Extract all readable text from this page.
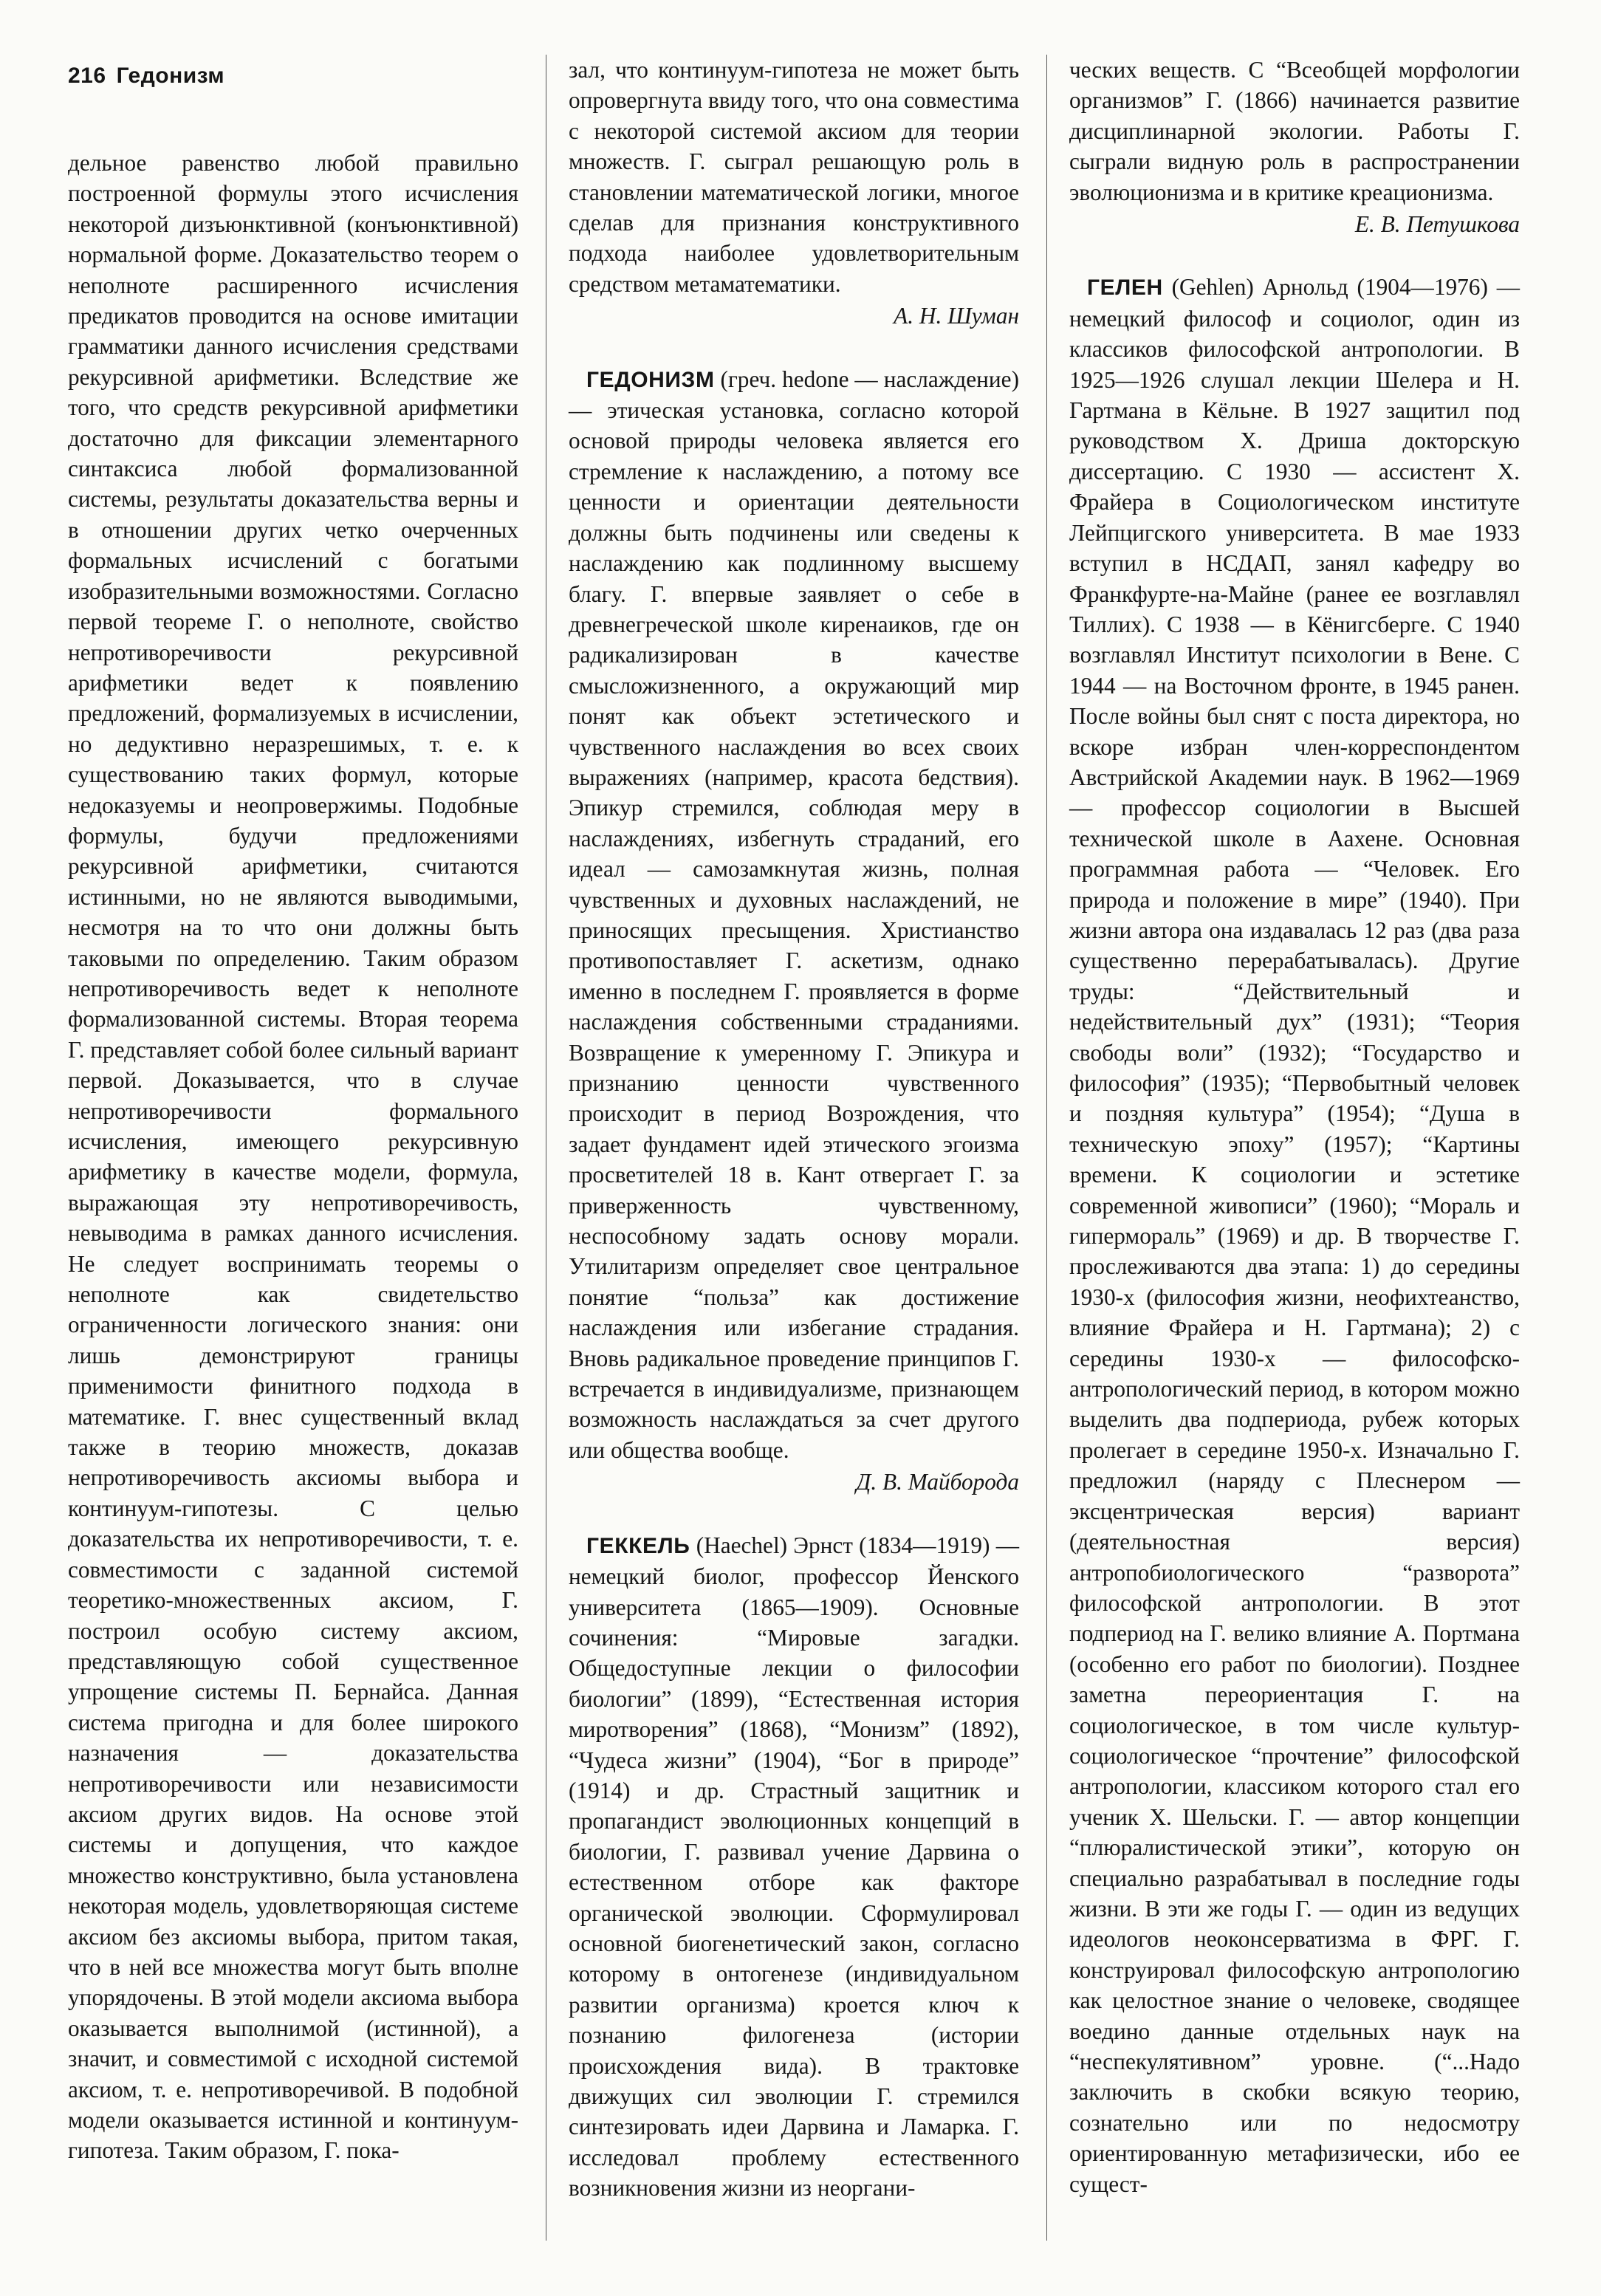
216 Гедонизм

дельное равенство любой правильно построенной формулы этого исчисления некоторой дизъюнктивной (конъюнктивной) нормальной форме. Доказательство теорем о неполноте расширенного исчисления предикатов проводится на основе имитации грамматики данного исчисления средствами рекурсивной арифметики. Вследствие же того, что средств рекурсивной арифметики достаточно для фиксации элементарного синтаксиса любой формализованной системы, результаты доказательства верны и в отношении других четко очерченных формальных исчислений с богатыми изобразительными возможностями. Согласно первой теореме Г. о неполноте, свойство непротиворечивости рекурсивной арифметики ведет к появлению предложений, формализуемых в исчислении, но дедуктивно неразрешимых, т. е. к существованию таких формул, которые недоказуемы и неопровержимы. Подобные формулы, будучи предложениями рекурсивной арифметики, считаются истинными, но не являются выводимыми, несмотря на то что они должны быть таковыми по определению. Таким образом непротиворечивость ведет к неполноте формализованной системы. Вторая теорема Г. представляет собой более сильный вариант первой. Доказывается, что в случае непротиворечивости формального исчисления, имеющего рекурсивную арифметику в качестве модели, формула, выражающая эту непротиворечивость, невыводима в рамках данного исчисления. Не следует воспринимать теоремы о неполноте как свидетельство ограниченности логического знания: они лишь демонстрируют границы применимости финитного подхода в математике. Г. внес существенный вклад также в теорию множеств, доказав непротиворечивость аксиомы выбора и континуум-гипотезы. С целью доказательства их непротиворечивости, т. е. совместимости с заданной системой теоретико-множественных аксиом, Г. построил особую систему аксиом, представляющую собой существенное упрощение системы П. Бернайса. Данная система пригодна и для более широкого назначения — доказательства непротиворечивости или независимости аксиом других видов. На основе этой системы и допущения, что каждое множество конструктивно, была установлена некоторая модель, удовлетворяющая системе аксиом без аксиомы выбора, притом такая, что в ней все множества могут быть вполне упорядочены. В этой модели аксиома выбора оказывается выполнимой (истинной), а значит, и совместимой с исходной системой аксиом, т. е. непротиворечивой. В подобной модели оказывается истинной и континуум-гипотеза. Таким образом, Г. пока-

зал, что континуум-гипотеза не может быть опровергнута ввиду того, что она совместима с некоторой системой аксиом для теории множеств. Г. сыграл решающую роль в становлении математической логики, многое сделав для признания конструктивного подхода наиболее удовлетворительным средством метаматематики.

А. Н. Шуман

ГЕДОНИЗМ (греч. hedone — наслаждение) — этическая установка, согласно которой основой природы человека является его стремление к наслаждению, а потому все ценности и ориентации деятельности должны быть подчинены или сведены к наслаждению как подлинному высшему благу. Г. впервые заявляет о себе в древнегреческой школе киренаиков, где он радикализирован в качестве смысложизненного, а окружающий мир понят как объект эстетического и чувственного наслаждения во всех своих выражениях (например, красота бедствия). Эпикур стремился, соблюдая меру в наслаждениях, избегнуть страданий, его идеал — самозамкнутая жизнь, полная чувственных и духовных наслаждений, не приносящих пресыщения. Христианство противопоставляет Г. аскетизм, однако именно в последнем Г. проявляется в форме наслаждения собственными страданиями. Возвращение к умеренному Г. Эпикура и признанию ценности чувственного происходит в период Возрождения, что задает фундамент идей этического эгоизма просветителей 18 в. Кант отвергает Г. за приверженность чувственному, неспособному задать основу морали. Утилитаризм определяет свое центральное понятие “польза” как достижение наслаждения или избегание страдания. Вновь радикальное проведение принципов Г. встречается в индивидуализме, признающем возможность наслаждаться за счет другого или общества вообще.

Д. В. Майборода

ГЕККЕЛЬ (Haechel) Эрнст (1834—1919) — немецкий биолог, профессор Йенского университета (1865—1909). Основные сочинения: “Мировые загадки. Общедоступные лекции о философии биологии” (1899), “Естественная история миротворения” (1868), “Монизм” (1892), “Чудеса жизни” (1904), “Бог в природе” (1914) и др. Страстный защитник и пропагандист эволюционных концепций в биологии, Г. развивал учение Дарвина о естественном отборе как факторе органической эволюции. Сформулировал основной биогенетический закон, согласно которому в онтогенезе (индивидуальном развитии организма) кроется ключ к познанию филогенеза (истории происхождения вида). В трактовке движущих сил эволюции Г. стремился синтезировать идеи Дарвина и Ламарка. Г. исследовал проблему естественного возникновения жизни из неоргани-

ческих веществ. С “Всеобщей морфологии организмов” Г. (1866) начинается развитие дисциплинарной экологии. Работы Г. сыграли видную роль в распространении эволюционизма и в критике креационизма.

Е. В. Петушкова

ГЕЛЕН (Gehlen) Арнольд (1904—1976) — немецкий философ и социолог, один из классиков философской антропологии. В 1925—1926 слушал лекции Шелера и Н. Гартмана в Кёльне. В 1927 защитил под руководством Х. Дриша докторскую диссертацию. С 1930 — ассистент Х. Фрайера в Социологическом институте Лейпцигского университета. В мае 1933 вступил в НСДАП, занял кафедру во Франкфурте-на-Майне (ранее ее возглавлял Тиллих). С 1938 — в Кёнигсберге. С 1940 возглавлял Институт психологии в Вене. С 1944 — на Восточном фронте, в 1945 ранен. После войны был снят с поста директора, но вскоре избран член-корреспондентом Австрийской Академии наук. В 1962—1969 — профессор социологии в Высшей технической школе в Аахене. Основная программная работа — “Человек. Его природа и положение в мире” (1940). При жизни автора она издавалась 12 раз (два раза существенно перерабатывалась). Другие труды: “Действительный и недействительный дух” (1931); “Теория свободы воли” (1932); “Государство и философия” (1935); “Первобытный человек и поздняя культура” (1954); “Душа в техническую эпоху” (1957); “Картины времени. К социологии и эстетике современной живописи” (1960); “Мораль и гипермораль” (1969) и др. В творчестве Г. прослеживаются два этапа: 1) до середины 1930-х (философия жизни, неофихтеанство, влияние Фрайера и Н. Гартмана); 2) с середины 1930-х — философско-антропологический период, в котором можно выделить два подпериода, рубеж которых пролегает в середине 1950-х. Изначально Г. предложил (наряду с Плеснером — эксцентрическая версия) вариант (деятельностная версия) антропобиологического “разворота” философской антропологии. В этот подпериод на Г. велико влияние А. Портмана (особенно его работ по биологии). Позднее заметна переориентация Г. на социологическое, в том числе культур-социологическое “прочтение” философской антропологии, классиком которого стал его ученик Х. Шельски. Г. — автор концепции “плюралистической этики”, которую он специально разрабатывал в последние годы жизни. В эти же годы Г. — один из ведущих идеологов неоконсерватизма в ФРГ. Г. конструировал философскую антропологию как целостное знание о человеке, сводящее воедино данные отдельных наук на “неспекулятивном” уровне. (“...Надо заключить в скобки всякую теорию, сознательно или по недосмотру ориентированную метафизически, ибо ее сущест-
